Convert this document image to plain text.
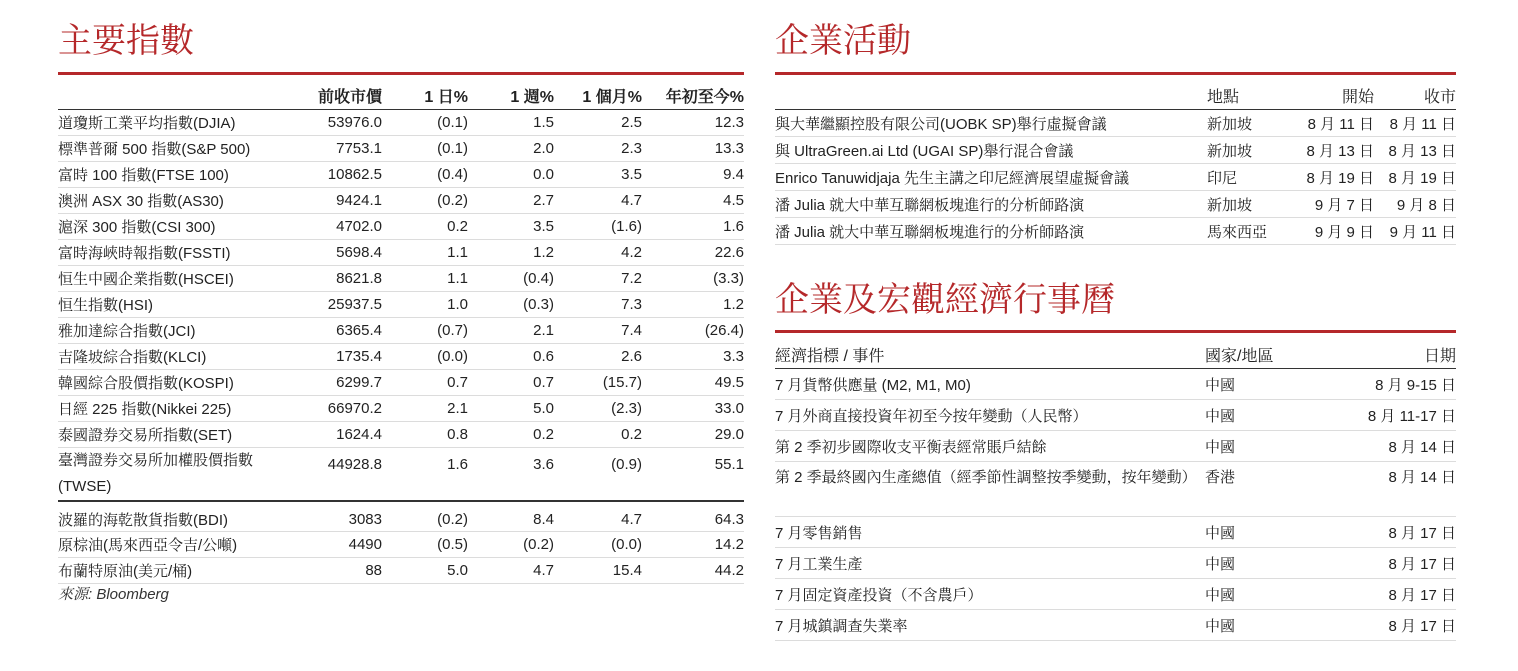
主要指數
	前收市價	1 日%	1 週%	1 個月%	年初至今%
道瓊斯工業平均指數(DJIA)	53976.0	(0.1)	1.5	2.5	12.3
標準普爾 500 指數(S&P 500)	7753.1	(0.1)	2.0	2.3	13.3
富時 100 指數(FTSE 100)	10862.5	(0.4)	0.0	3.5	9.4
澳洲 ASX 30 指數(AS30)	9424.1	(0.2)	2.7	4.7	4.5
滬深 300 指數(CSI 300)	4702.0	0.2	3.5	(1.6)	1.6
富時海峽時報指數(FSSTI)	5698.4	1.1	1.2	4.2	22.6
恒生中國企業指數(HSCEI)	8621.8	1.1	(0.4)	7.2	(3.3)
恒生指數(HSI)	25937.5	1.0	(0.3)	7.3	1.2
雅加達綜合指數(JCI)	6365.4	(0.7)	2.1	7.4	(26.4)
吉隆坡綜合指數(KLCI)	1735.4	(0.0)	0.6	2.6	3.3
韓國綜合股價指數(KOSPI)	6299.7	0.7	0.7	(15.7)	49.5
日經 225 指數(Nikkei 225)	66970.2	2.1	5.0	(2.3)	33.0
泰國證券交易所指數(SET)	1624.4	0.8	0.2	0.2	29.0
臺灣證券交易所加權股價指數(TWSE)	44928.8	1.6	3.6	(0.9)	55.1
波羅的海乾散貨指數(BDI)	3083	(0.2)	8.4	4.7	64.3
原棕油(馬來西亞令吉/公噸)	4490	(0.5)	(0.2)	(0.0)	14.2
布蘭特原油(美元/桶)	88	5.0	4.7	15.4	44.2
來源: Bloomberg
企業活動
	地點	開始	收市
與大華繼顯控股有限公司(UOBK SP)舉行虛擬會議	新加坡	8 月 11 日	8 月 11 日
與 UltraGreen.ai Ltd (UGAI SP)舉行混合會議	新加坡	8 月 13 日	8 月 13 日
Enrico Tanuwidjaja 先生主講之印尼經濟展望虛擬會議	印尼	8 月 19 日	8 月 19 日
潘 Julia 就大中華互聯網板塊進行的分析師路演	新加坡	9 月 7 日	9 月 8 日
潘 Julia 就大中華互聯網板塊進行的分析師路演	馬來西亞	9 月 9 日	9 月 11 日
企業及宏觀經濟行事曆
經濟指標 / 事件	國家/地區	日期
7 月貨幣供應量 (M2, M1, M0)	中國	8 月 9-15 日
7 月外商直接投資年初至今按年變動（人民幣）	中國	8 月 11-17 日
第 2 季初步國際收支平衡表經常賬戶結餘	中國	8 月 14 日
第 2 季最終國內生產總值（經季節性調整按季變動，按年變動）	香港	8 月 14 日
7 月零售銷售	中國	8 月 17 日
7 月工業生產	中國	8 月 17 日
7 月固定資產投資（不含農戶）	中國	8 月 17 日
7 月城鎮調查失業率	中國	8 月 17 日
